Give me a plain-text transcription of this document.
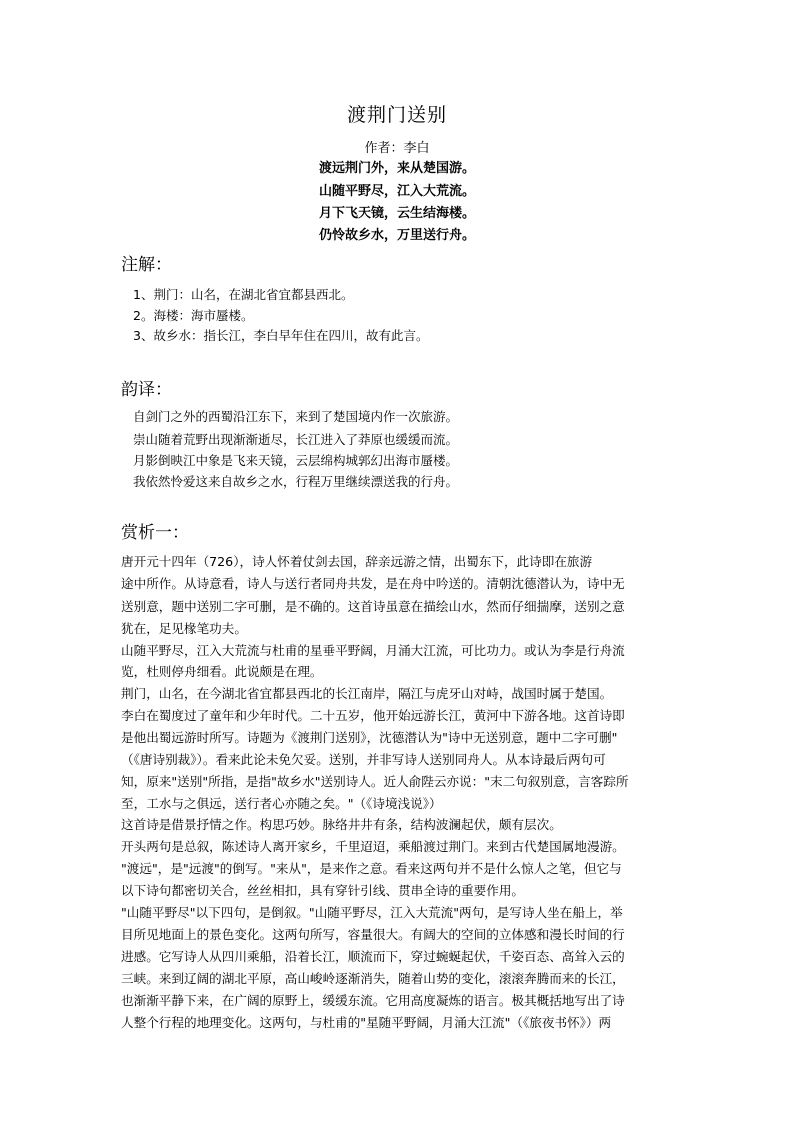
渡荆门送别
作者：李白
渡远荆门外，来从楚国游。
山随平野尽，江入大荒流。
月下飞天镜，云生结海楼。
仍怜故乡水，万里送行舟。
注解：
1、荆门：山名，在湖北省宜都县西北。
2。海楼：海市蜃楼。
3、故乡水：指长江，李白早年住在四川，故有此言。
韵译：
自剑门之外的西蜀沿江东下，来到了楚国境内作一次旅游。
崇山随着荒野出现渐渐逝尽，长江进入了莽原也缓缓而流。
月影倒映江中象是飞来天镜，云层绵构城郭幻出海市蜃楼。
我依然怜爱这来自故乡之水，行程万里继续漂送我的行舟。
赏析一：
唐开元十四年（726），诗人怀着仗剑去国，辞亲远游之情，出蜀东下，此诗即在旅游
途中所作。从诗意看，诗人与送行者同舟共发，是在舟中吟送的。清朝沈德潜认为，诗中无
送别意，题中送别二字可删，是不确的。这首诗虽意在描绘山水，然而仔细揣摩，送别之意
犹在，足见椽笔功夫。
山随平野尽，江入大荒流与杜甫的星垂平野阔，月涌大江流，可比功力。或认为李是行舟流
览，杜则停舟细看。此说颇是在理。
荆门，山名，在今湖北省宜都县西北的长江南岸，隔江与虎牙山对峙，战国时属于楚国。
李白在蜀度过了童年和少年时代。二十五岁，他开始远游长江，黄河中下游各地。这首诗即
是他出蜀远游时所写。诗题为《渡荆门送别》，沈德潜认为"诗中无送别意，题中二字可删"
（《唐诗别裁》）。看来此论未免欠妥。送别，并非写诗人送别同舟人。从本诗最后两句可
知，原来"送别"所指，是指"故乡水"送别诗人。近人俞陛云亦说："末二句叙别意，言客踪所
至，工水与之俱远，送行者心亦随之矣。"（《诗境浅说》）
这首诗是借景抒情之作。构思巧妙。脉络井井有条，结构波澜起伏，颇有层次。
开头两句是总叙，陈述诗人离开家乡，千里迢迢，乘船渡过荆门。来到古代楚国属地漫游。
"渡远"，是"远渡"的倒写。"来从"，是来作之意。看来这两句并不是什么惊人之笔，但它与
以下诗句都密切关合，丝丝相扣，具有穿针引线、贯串全诗的重要作用。
"山随平野尽"以下四句，是倒叙。"山随平野尽，江入大荒流"两句，是写诗人坐在船上，举
目所见地面上的景色变化。这两句所写，容量很大。有阔大的空间的立体感和漫长时间的行
进感。它写诗人从四川乘船，沿着长江，顺流而下，穿过蜿蜒起伏，千姿百态、高耸入云的
三峡。来到辽阔的湖北平原，高山峻岭逐渐消失，随着山势的变化，滚滚奔腾而来的长江，
也渐渐平静下来，在广阔的原野上，缓缓东流。它用高度凝炼的语言。极其概括地写出了诗
人整个行程的地理变化。这两句，与杜甫的"星随平野阔，月涌大江流"（《旅夜书怀》）两
